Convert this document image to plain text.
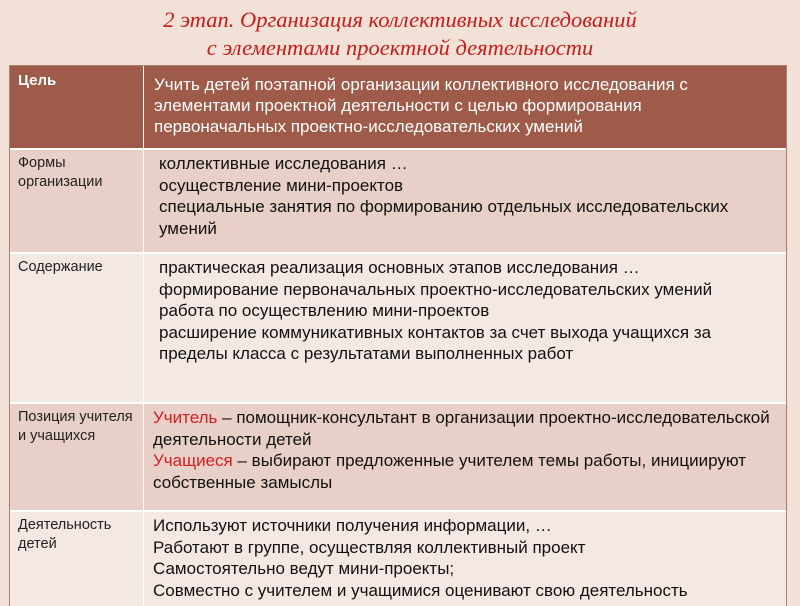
2 этап. Организация коллективных исследований
с элементами проектной деятельности
Цель	Учить детей поэтапной организации коллективного исследования с элементами проектной деятельности с целью формирования первоначальных проектно-исследовательских умений
Формы организации
коллективные исследования …
осуществление мини-проектов
специальные занятия по формированию отдельных исследовательских умений
Содержание	практическая реализация основных этапов исследования …
формирование первоначальных проектно-исследовательских умений
работа по осуществлению мини-проектов
расширение коммуникативных контактов за счет выхода учащихся за пределы класса с результатами выполненных работ
Позиция учителя и учащихся
Учитель – помощник-консультант в организации проектно-исследовательской деятельности детей
Учащиеся – выбирают предложенные учителем темы работы, инициируют собственные замыслы
Деятельность детей
Используют источники получения информации, …
Работают в группе, осуществляя коллективный проект
Самостоятельно ведут мини-проекты;
Совместно с учителем и учащимися оценивают свою деятельность
